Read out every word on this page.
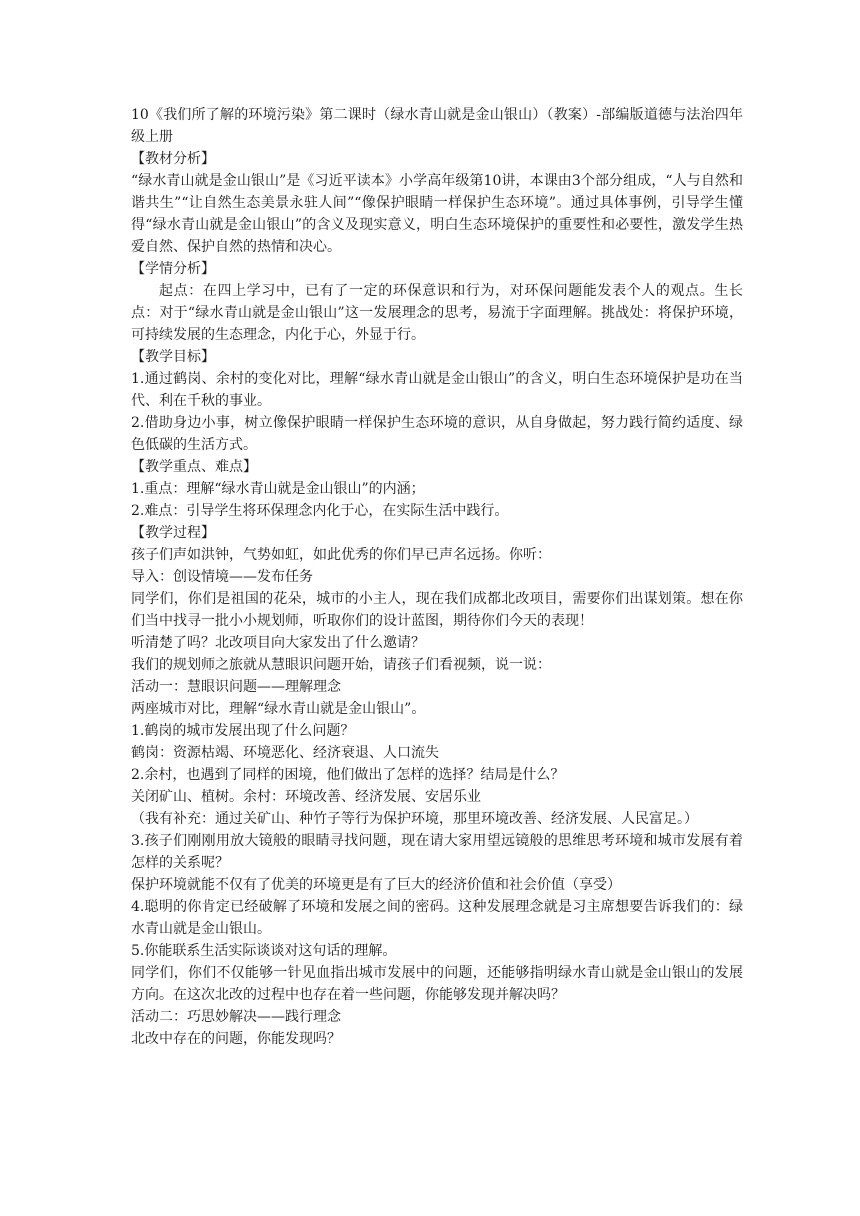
10《我们所了解的环境污染》第二课时（绿水青山就是金山银山）（教案）-部编版道德与法治四年级上册

【教材分析】

“绿水青山就是金山银山”是《习近平读本》小学高年级第10讲，本课由3个部分组成，“人与自然和谐共生”“让自然生态美景永驻人间”“像保护眼睛一样保护生态环境”。通过具体事例，引导学生懂得“绿水青山就是金山银山”的含义及现实意义，明白生态环境保护的重要性和必要性，激发学生热爱自然、保护自然的热情和决心。

【学情分析】

起点：在四上学习中，已有了一定的环保意识和行为，对环保问题能发表个人的观点。生长点：对于“绿水青山就是金山银山”这一发展理念的思考，易流于字面理解。挑战处：将保护环境，可持续发展的生态理念，内化于心，外显于行。

【教学目标】

1.通过鹤岗、余村的变化对比，理解“绿水青山就是金山银山”的含义，明白生态环境保护是功在当代、利在千秋的事业。

2.借助身边小事，树立像保护眼睛一样保护生态环境的意识，从自身做起，努力践行简约适度、绿色低碳的生活方式。

【教学重点、难点】

1.重点：理解“绿水青山就是金山银山”的内涵；

2.难点：引导学生将环保理念内化于心，在实际生活中践行。

【教学过程】

孩子们声如洪钟，气势如虹，如此优秀的你们早已声名远扬。你听：

导入：创设情境——发布任务

同学们，你们是祖国的花朵，城市的小主人，现在我们成都北改项目，需要你们出谋划策。想在你们当中找寻一批小小规划师，听取你们的设计蓝图，期待你们今天的表现！

听清楚了吗？北改项目向大家发出了什么邀请？

我们的规划师之旅就从慧眼识问题开始，请孩子们看视频，说一说：

活动一：慧眼识问题——理解理念

两座城市对比，理解“绿水青山就是金山银山”。

1.鹤岗的城市发展出现了什么问题？

鹤岗：资源枯竭、环境恶化、经济衰退、人口流失

2.余村，也遇到了同样的困境，他们做出了怎样的选择？结局是什么？

关闭矿山、植树。余村：环境改善、经济发展、安居乐业

（我有补充：通过关矿山、种竹子等行为保护环境，那里环境改善、经济发展、人民富足。）

3.孩子们刚刚用放大镜般的眼睛寻找问题，现在请大家用望远镜般的思维思考环境和城市发展有着怎样的关系呢？

保护环境就能不仅有了优美的环境更是有了巨大的经济价值和社会价值（享受）

4.聪明的你肯定已经破解了环境和发展之间的密码。这种发展理念就是习主席想要告诉我们的：绿水青山就是金山银山。

5.你能联系生活实际谈谈对这句话的理解。

同学们，你们不仅能够一针见血指出城市发展中的问题，还能够指明绿水青山就是金山银山的发展方向。在这次北改的过程中也存在着一些问题，你能够发现并解决吗？

活动二：巧思妙解决——践行理念

北改中存在的问题，你能发现吗？
